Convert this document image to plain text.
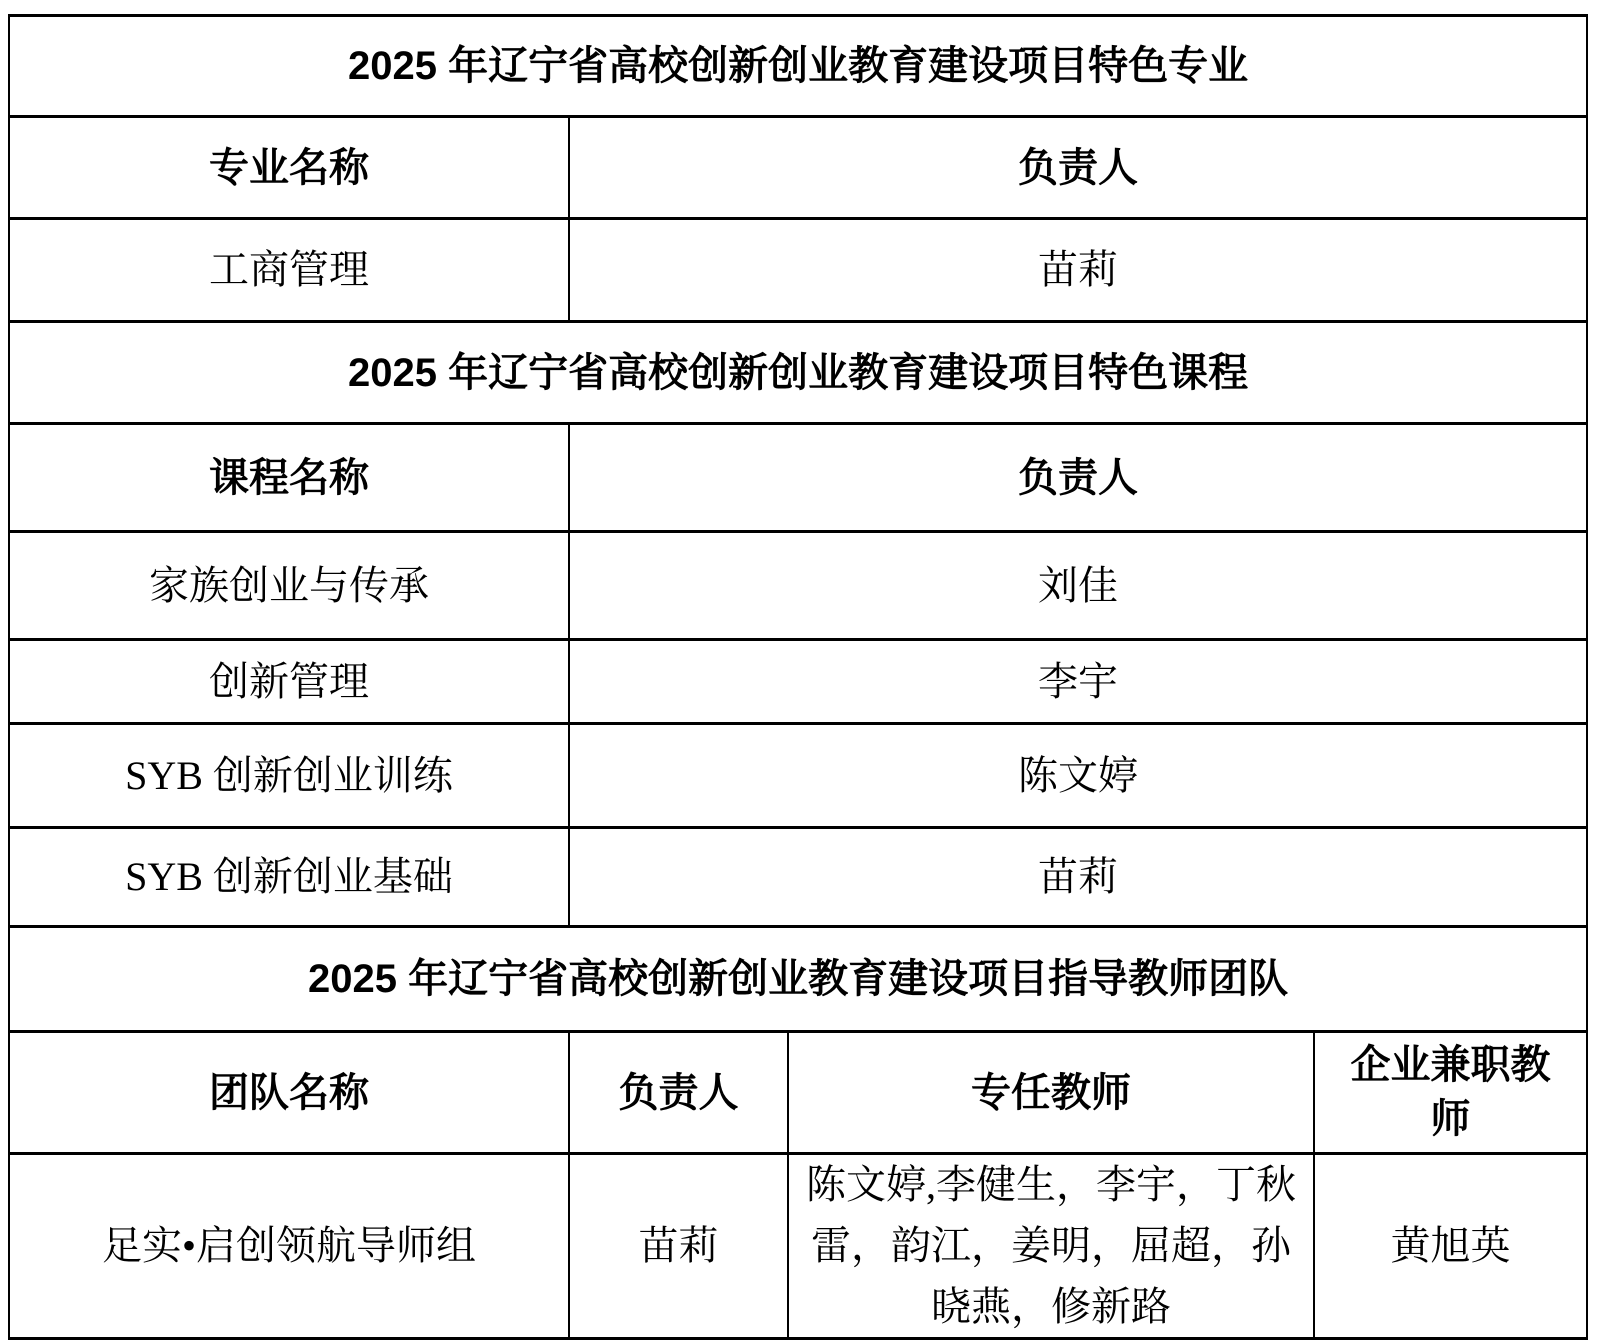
2025 年辽宁省高校创新创业教育建设项目特色专业			
专业名称	负责人		
工商管理	苗莉		
2025 年辽宁省高校创新创业教育建设项目特色课程			
课程名称	负责人		
家族创业与传承	刘佳		
创新管理	李宇		
SYB 创新创业训练	陈文婷		
SYB 创新创业基础	苗莉		
2025 年辽宁省高校创新创业教育建设项目指导教师团队			
团队名称	负责人	专任教师	企业兼职教师
足实•启创领航导师组	苗莉	陈文婷,李健生，李宇，丁秋雷，韵江，姜明，屈超，孙晓燕，修新路	黄旭英
